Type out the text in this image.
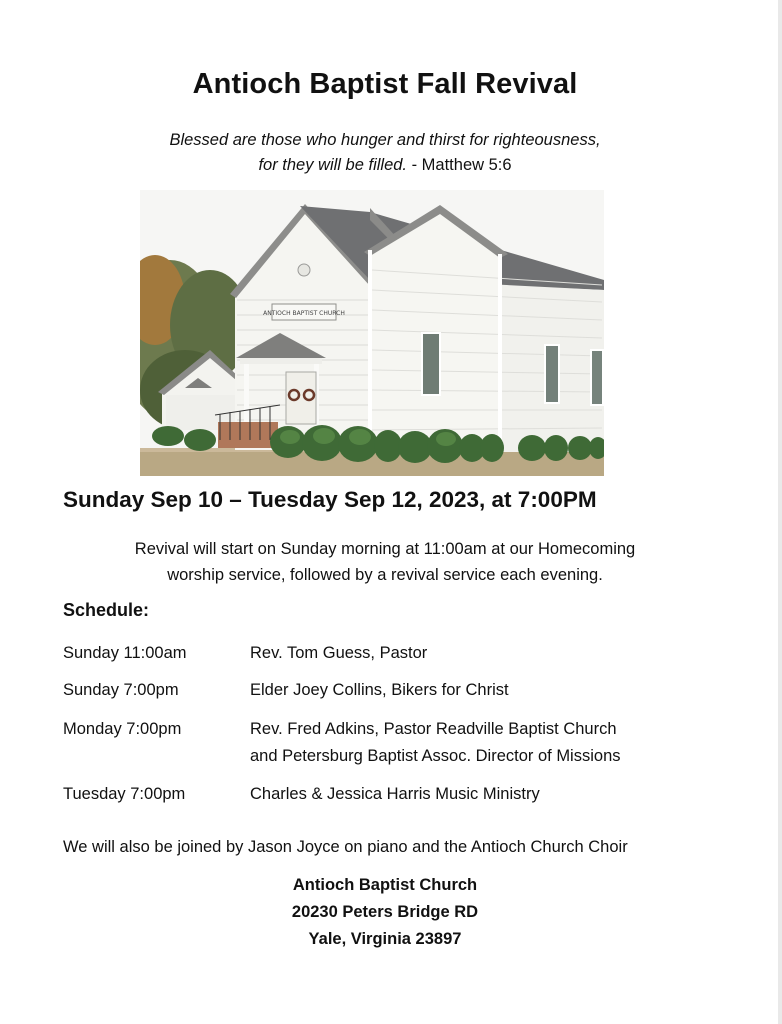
Antioch Baptist Fall Revival
Blessed are those who hunger and thirst for righteousness,
for they will be filled. - Matthew 5:6
ANTIOCH BAPTIST CHURCH
Sunday Sep 10 – Tuesday Sep 12, 2023, at 7:00PM
Revival will start on Sunday morning at 11:00am at our Homecoming
worship service, followed by a revival service each evening.
Schedule:
Sunday 11:00am	Rev. Tom Guess, Pastor
Sunday 7:00pm	Elder Joey Collins, Bikers for Christ
Monday 7:00pm	Rev. Fred Adkins, Pastor Readville Baptist Church
and Petersburg Baptist Assoc. Director of Missions
Tuesday 7:00pm	Charles & Jessica Harris Music Ministry
We will also be joined by Jason Joyce on piano and the Antioch Church Choir
Antioch Baptist Church
20230 Peters Bridge RD
Yale, Virginia 23897
